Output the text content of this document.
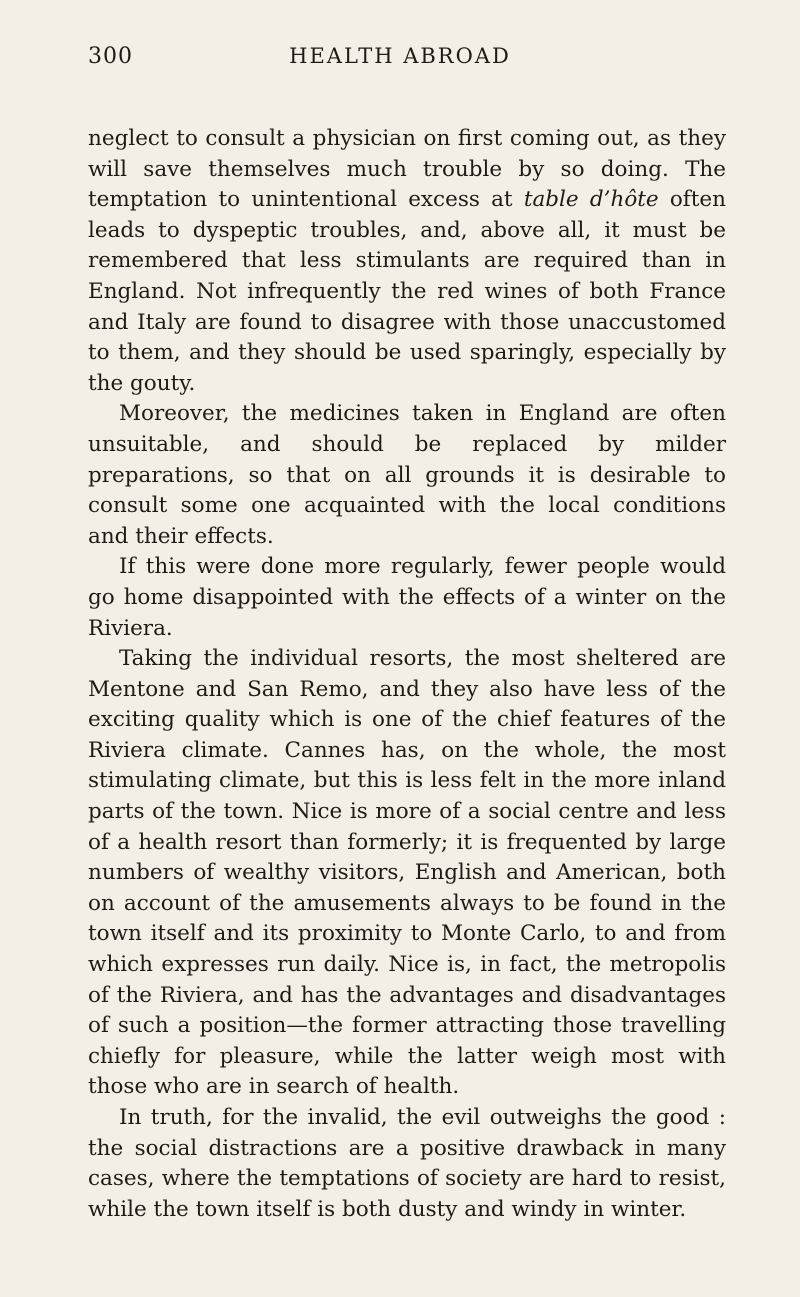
300	HEALTH ABROAD

neglect to consult a physician on first coming out, as they will save themselves much trouble by so doing. The temptation to unintentional excess at table d’hôte often leads to dyspeptic troubles, and, above all, it must be remembered that less stimulants are required than in England. Not infrequently the red wines of both France and Italy are found to disagree with those unaccustomed to them, and they should be used sparingly, especially by the gouty.

Moreover, the medicines taken in England are often unsuitable, and should be replaced by milder preparations, so that on all grounds it is desirable to consult some one acquainted with the local conditions and their effects.

If this were done more regularly, fewer people would go home disappointed with the effects of a winter on the Riviera.

Taking the individual resorts, the most sheltered are Mentone and San Remo, and they also have less of the exciting quality which is one of the chief features of the Riviera climate. Cannes has, on the whole, the most stimulating climate, but this is less felt in the more inland parts of the town. Nice is more of a social centre and less of a health resort than formerly; it is frequented by large numbers of wealthy visitors, English and American, both on account of the amusements always to be found in the town itself and its proximity to Monte Carlo, to and from which expresses run daily. Nice is, in fact, the metropolis of the Riviera, and has the advantages and disadvantages of such a position—the former attracting those travelling chiefly for pleasure, while the latter weigh most with those who are in search of health.

In truth, for the invalid, the evil outweighs the good : the social distractions are a positive drawback in many cases, where the temptations of society are hard to resist, while the town itself is both dusty and windy in winter.
